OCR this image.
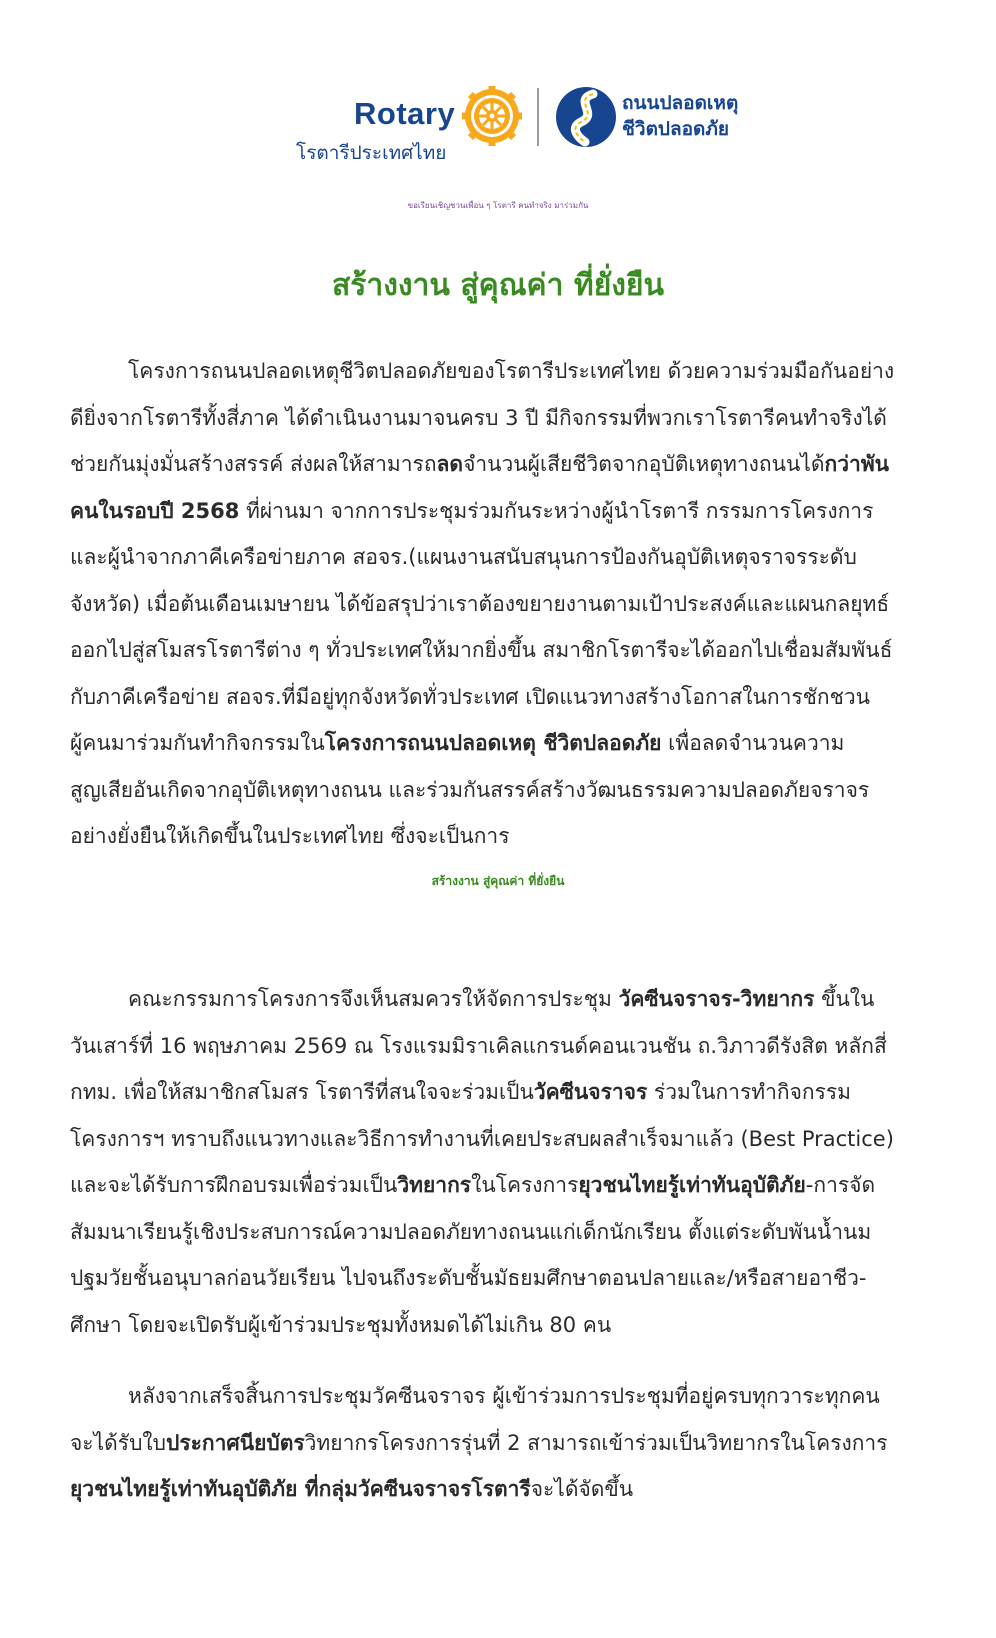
Rotary
โรตารีประเทศไทย
ถนนปลอดเหตุ
ชีวิตปลอดภัย
ขอเรียนเชิญชวนเพื่อน ๆ โรตารี คนทำจริง มาร่วมกัน
สร้างงาน สู่คุณค่า ที่ยั่งยืน
โครงการถนนปลอดเหตุชีวิตปลอดภัยของโรตารีประเทศไทย ด้วยความร่วมมือกันอย่าง
ดียิ่งจากโรตารีทั้งสี่ภาค ได้ดำเนินงานมาจนครบ 3 ปี มีกิจกรรมที่พวกเราโรตารีคนทำจริงได้
ช่วยกันมุ่งมั่นสร้างสรรค์ ส่งผลให้สามารถลดจำนวนผู้เสียชีวิตจากอุบัติเหตุทางถนนได้กว่าพัน
คนในรอบปี 2568 ที่ผ่านมา จากการประชุมร่วมกันระหว่างผู้นำโรตารี กรรมการโครงการ
และผู้นำจากภาคีเครือข่ายภาค สอจร.(แผนงานสนับสนุนการป้องกันอุบัติเหตุจราจรระดับ
จังหวัด) เมื่อต้นเดือนเมษายน ได้ข้อสรุปว่าเราต้องขยายงานตามเป้าประสงค์และแผนกลยุทธ์
ออกไปสู่สโมสรโรตารีต่าง ๆ ทั่วประเทศให้มากยิ่งขึ้น สมาชิกโรตารีจะได้ออกไปเชื่อมสัมพันธ์
กับภาคีเครือข่าย สอจร.ที่มีอยู่ทุกจังหวัดทั่วประเทศ เปิดแนวทางสร้างโอกาสในการชักชวน
ผู้คนมาร่วมกันทำกิจกรรมในโครงการถนนปลอดเหตุ ชีวิตปลอดภัย เพื่อลดจำนวนความ
สูญเสียอันเกิดจากอุบัติเหตุทางถนน และร่วมกันสรรค์สร้างวัฒนธรรมความปลอดภัยจราจร
อย่างยั่งยืนให้เกิดขึ้นในประเทศไทย ซึ่งจะเป็นการ
สร้างงาน สู่คุณค่า ที่ยั่งยืน
คณะกรรมการโครงการจึงเห็นสมควรให้จัดการประชุม วัคซีนจราจร-วิทยากร ขึ้นใน
วันเสาร์ที่ 16 พฤษภาคม 2569 ณ โรงแรมมิราเคิลแกรนด์คอนเวนชัน ถ.วิภาวดีรังสิต หลักสี่
กทม. เพื่อให้สมาชิกสโมสร โรตารีที่สนใจจะร่วมเป็นวัคซีนจราจร ร่วมในการทำกิจกรรม
โครงการฯ ทราบถึงแนวทางและวิธีการทำงานที่เคยประสบผลสำเร็จมาแล้ว (Best Practice)
และจะได้รับการฝึกอบรมเพื่อร่วมเป็นวิทยากรในโครงการยุวชนไทยรู้เท่าทันอุบัติภัย-การจัด
สัมมนาเรียนรู้เชิงประสบการณ์ความปลอดภัยทางถนนแก่เด็กนักเรียน ตั้งแต่ระดับพันน้ำนม
ปฐมวัยชั้นอนุบาลก่อนวัยเรียน ไปจนถึงระดับชั้นมัธยมศึกษาตอนปลายและ/หรือสายอาชีว-
ศึกษา โดยจะเปิดรับผู้เข้าร่วมประชุมทั้งหมดได้ไม่เกิน 80 คน
หลังจากเสร็จสิ้นการประชุมวัคซีนจราจร ผู้เข้าร่วมการประชุมที่อยู่ครบทุกวาระทุกคน
จะได้รับใบประกาศนียบัตรวิทยากรโครงการรุ่นที่ 2 สามารถเข้าร่วมเป็นวิทยากรในโครงการ
ยุวชนไทยรู้เท่าทันอุบัติภัย ที่กลุ่มวัคซีนจราจรโรตารีจะได้จัดขึ้น
